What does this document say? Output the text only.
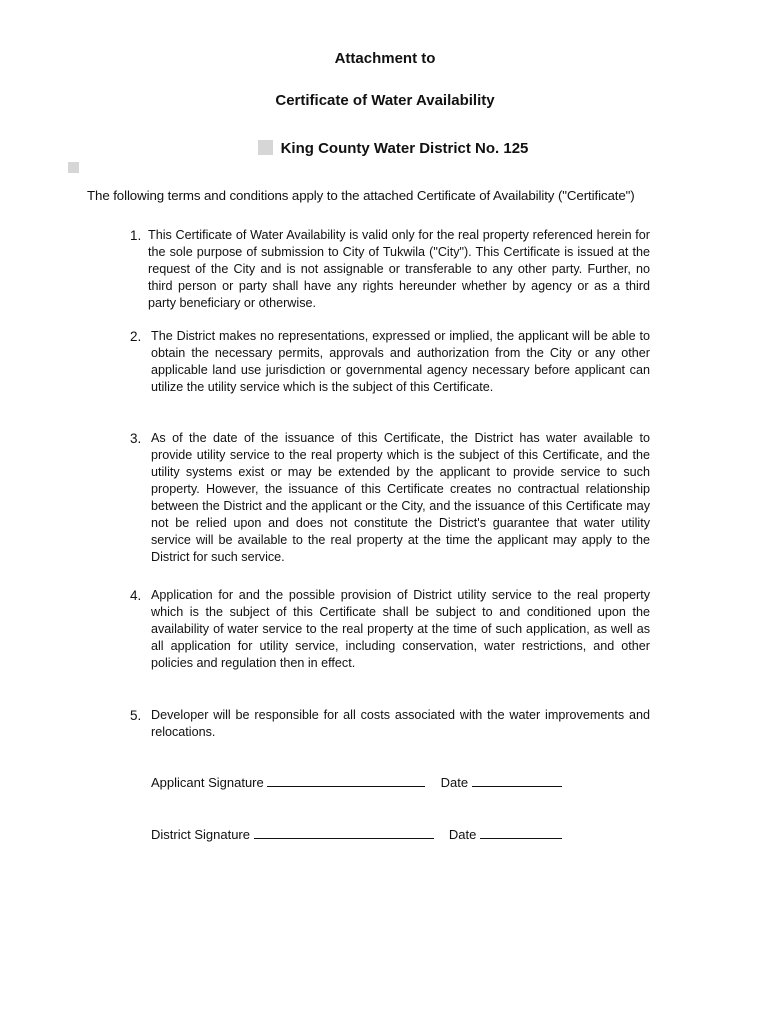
Attachment to
Certificate of Water Availability
King County Water District No. 125
The following terms and conditions apply to the attached Certificate of Availability ("Certificate")
1. This Certificate of Water Availability is valid only for the real property referenced herein for the sole purpose of submission to City of Tukwila ("City"). This Certificate is issued at the request of the City and is not assignable or transferable to any other party. Further, no third person or party shall have any rights hereunder whether by agency or as a third party beneficiary or otherwise.
2. The District makes no representations, expressed or implied, the applicant will be able to obtain the necessary permits, approvals and authorization from the City or any other applicable land use jurisdiction or governmental agency necessary before applicant can utilize the utility service which is the subject of this Certificate.
3. As of the date of the issuance of this Certificate, the District has water available to provide utility service to the real property which is the subject of this Certificate, and the utility systems exist or may be extended by the applicant to provide service to such property. However, the issuance of this Certificate creates no contractual relationship between the District and the applicant or the City, and the issuance of this Certificate may not be relied upon and does not constitute the District's guarantee that water utility service will be available to the real property at the time the applicant may apply to the District for such service.
4. Application for and the possible provision of District utility service to the real property which is the subject of this Certificate shall be subject to and conditioned upon the availability of water service to the real property at the time of such application, as well as all application for utility service, including conservation, water restrictions, and other policies and regulation then in effect.
5. Developer will be responsible for all costs associated with the water improvements and relocations.
Applicant Signature	Date
District Signature	Date
